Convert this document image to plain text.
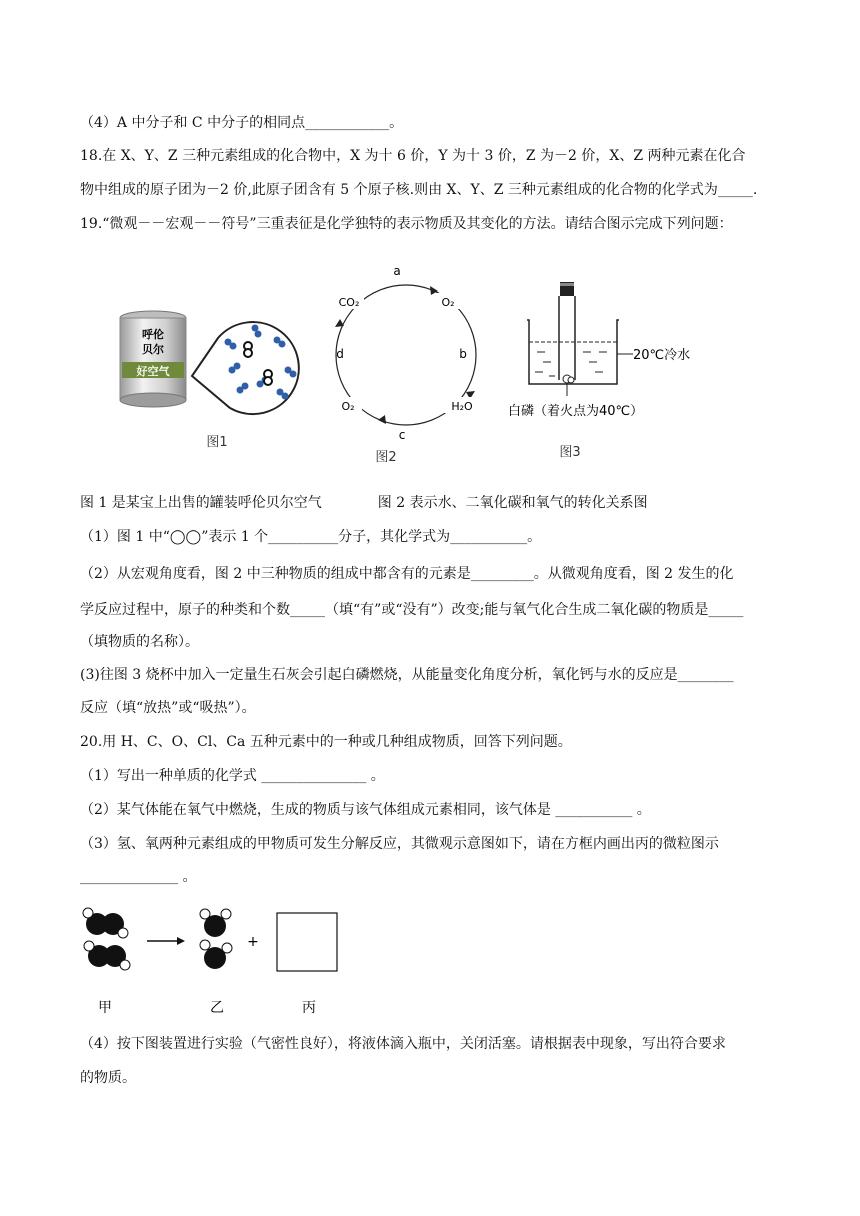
（4）A 中分子和 C 中分子的相同点____________。
18.在 X、Y、Z 三种元素组成的化合物中，X 为十 6 价，Y 为十 3 价，Z 为－2 价，X、Z 两种元素在化合
物中组成的原子团为－2 价,此原子团含有 5 个原子核.则由 X、Y、Z 三种元素组成的化合物的化学式为_____.
19.“微观－－宏观－－符号”三重表征是化学独特的表示物质及其变化的方法。请结合图示完成下列问题：
呼伦
贝尔
好空气
图1
CO₂	O₂
H₂O
O₂
a
b
c
d
图2
20℃冷水
白磷（着火点为40℃）
图3
图 1 是某宝上出售的罐装呼伦贝尔空气　　　　图 2 表示水、二氧化碳和氧气的转化关系图
（1）图 1 中“◯◯”表示 1 个__________分子，其化学式为___________。
（2）从宏观角度看，图 2 中三种物质的组成中都含有的元素是_________。从微观角度看，图 2 发生的化
学反应过程中，原子的种类和个数_____（填“有”或“没有”）改变;能与氧气化合生成二氧化碳的物质是_____
（填物质的名称）。
(3)往图 3 烧杯中加入一定量生石灰会引起白磷燃烧，从能量变化角度分析，氧化钙与水的反应是________
反应（填“放热”或“吸热”）。
20.用 H、C、O、Cl、Ca 五种元素中的一种或几种组成物质，回答下列问题。
（1）写出一种单质的化学式 _______________ 。
（2）某气体能在氧气中燃烧，生成的物质与该气体组成元素相同，该气体是 ___________ 。
（3）氢、氧两种元素组成的甲物质可发生分解反应，其微观示意图如下，请在方框内画出丙的微粒图示
______________ 。
+
甲	乙	丙
（4）按下图装置进行实验（气密性良好），将液体滴入瓶中，关闭活塞。请根据表中现象，写出符合要求
的物质。
